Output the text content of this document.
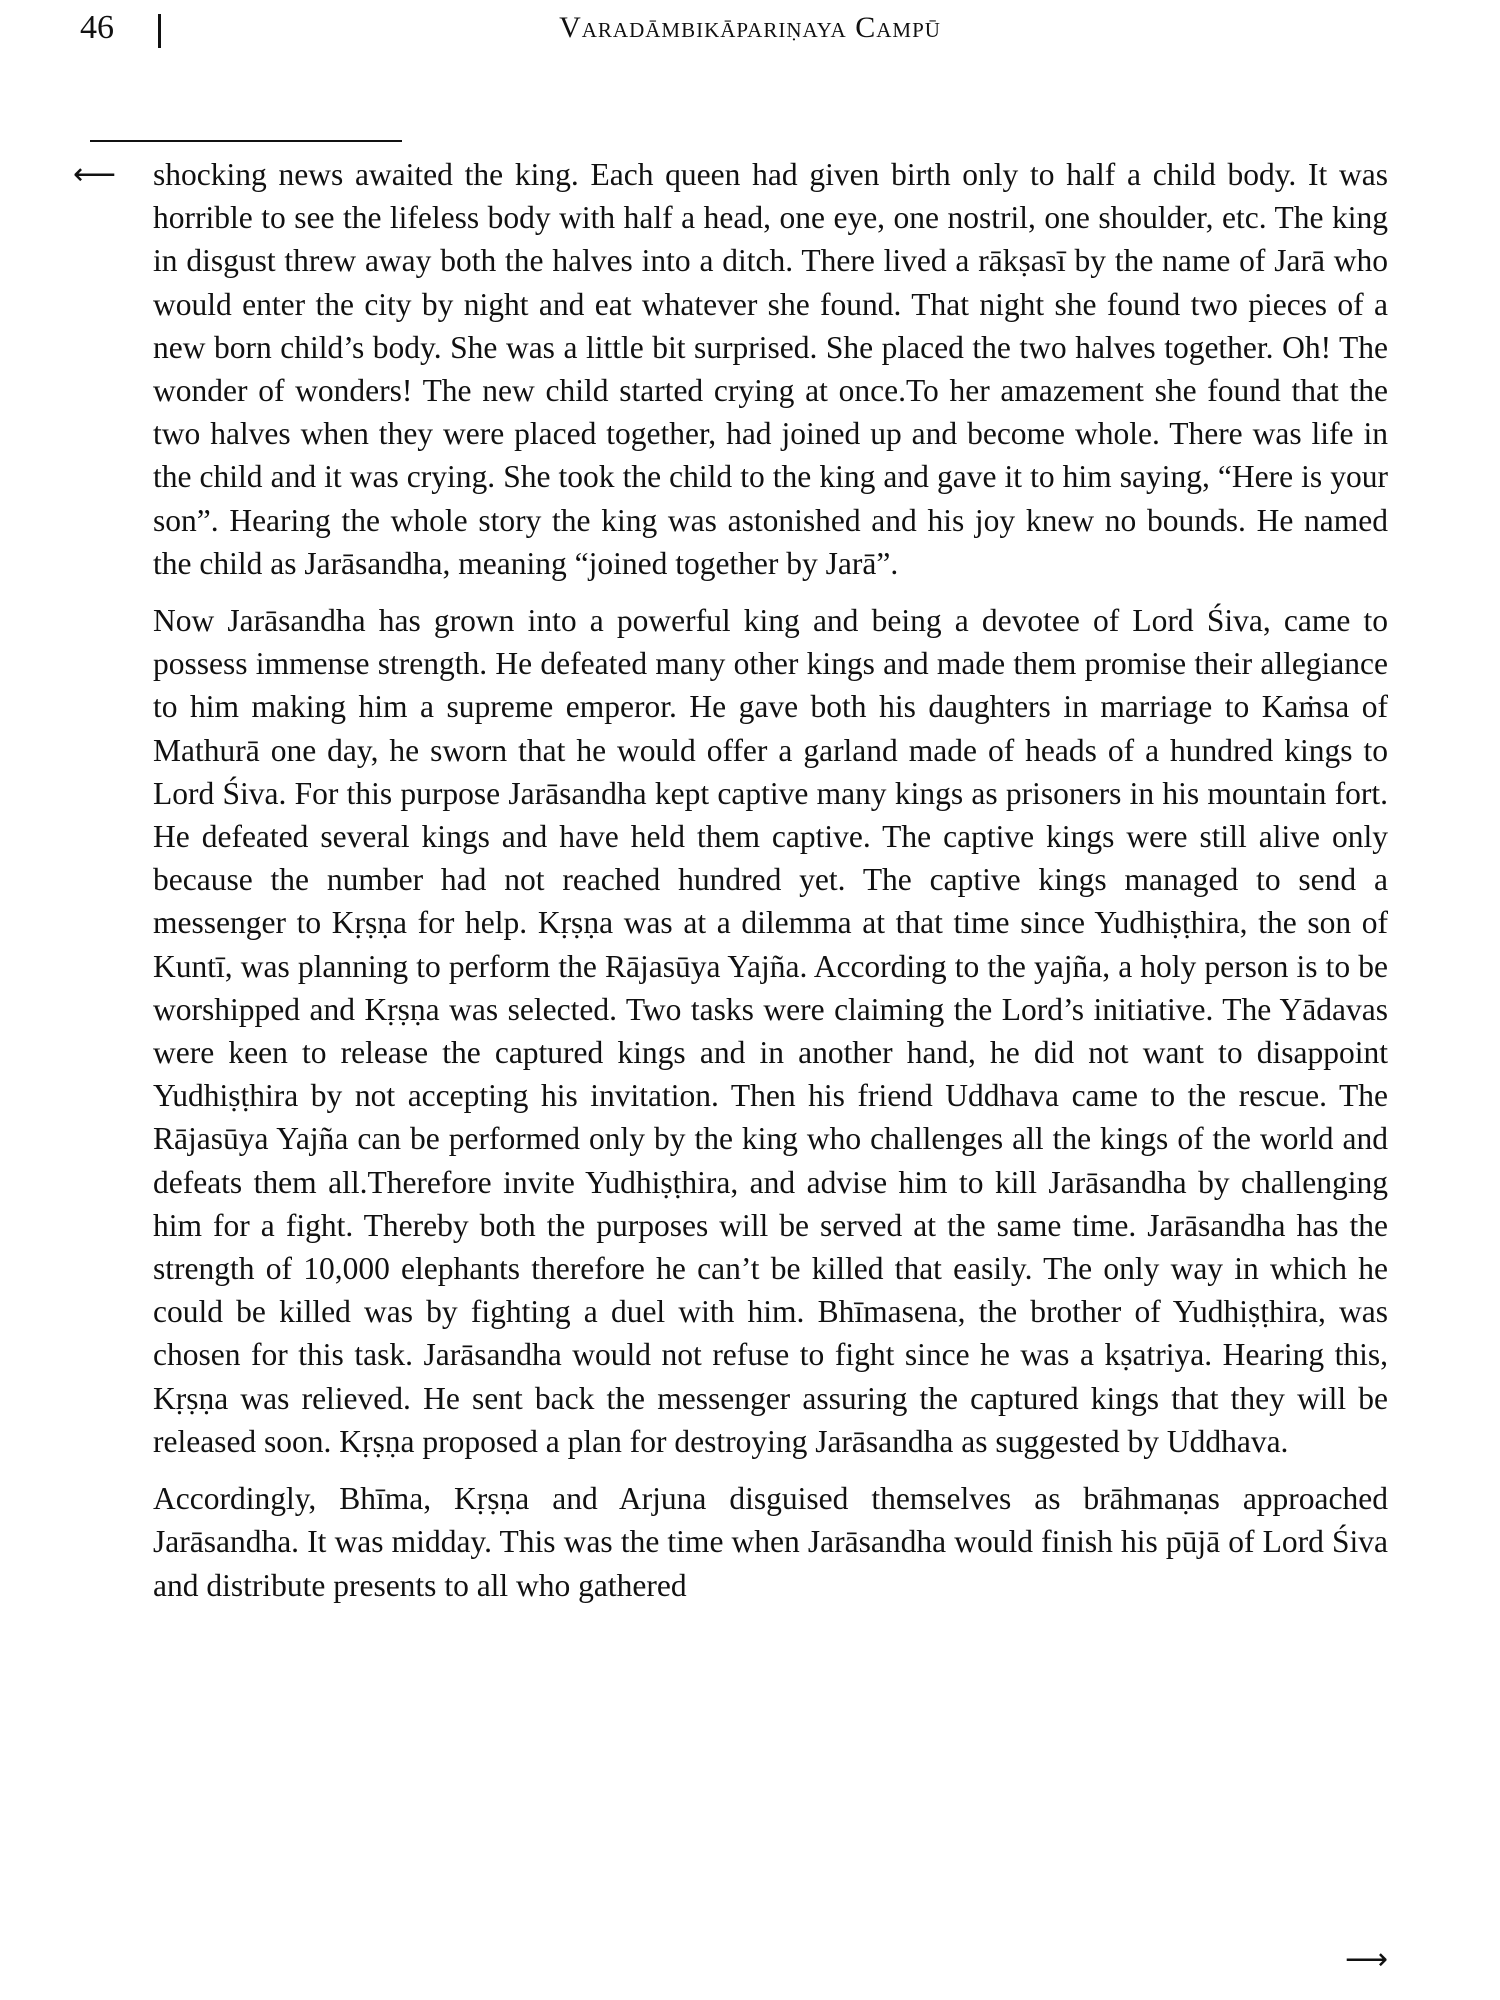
46	Varadāmbikāpariṇaya Campū

⟵ shocking news awaited the king. Each queen had given birth only to half a child body. It was horrible to see the lifeless body with half a head, one eye, one nostril, one shoulder, etc. The king in disgust threw away both the halves into a ditch. There lived a rākṣasī by the name of Jarā who would enter the city by night and eat whatever she found. That night she found two pieces of a new born child’s body. She was a little bit surprised. She placed the two halves together. Oh! The wonder of wonders! The new child started crying at once.To her amazement she found that the two halves when they were placed together, had joined up and become whole. There was life in the child and it was crying. She took the child to the king and gave it to him saying, “Here is your son”. Hearing the whole story the king was astonished and his joy knew no bounds. He named the child as Jarāsandha, meaning “joined together by Jarā”.

Now Jarāsandha has grown into a powerful king and being a devotee of Lord Śiva, came to possess immense strength. He defeated many other kings and made them promise their allegiance to him making him a supreme emperor. He gave both his daughters in marriage to Kaṁsa of Mathurā one day, he sworn that he would offer a garland made of heads of a hundred kings to Lord Śiva. For this purpose Jarāsandha kept captive many kings as prisoners in his mountain fort. He defeated several kings and have held them captive. The captive kings were still alive only because the number had not reached hundred yet. The captive kings managed to send a messenger to Kṛṣṇa for help. Kṛṣṇa was at a dilemma at that time since Yudhiṣṭhira, the son of Kuntī, was planning to perform the Rājasūya Yajña. According to the yajña, a holy person is to be worshipped and Kṛṣṇa was selected. Two tasks were claiming the Lord’s initiative. The Yādavas were keen to release the captured kings and in another hand, he did not want to disappoint Yudhiṣṭhira by not accepting his invitation. Then his friend Uddhava came to the rescue. The Rājasūya Yajña can be performed only by the king who challenges all the kings of the world and defeats them all.Therefore invite Yudhiṣṭhira, and advise him to kill Jarāsandha by challenging him for a fight. Thereby both the purposes will be served at the same time. Jarāsandha has the strength of 10,000 elephants therefore he can’t be killed that easily. The only way in which he could be killed was by fighting a duel with him. Bhīmasena, the brother of Yudhiṣṭhira, was chosen for this task. Jarāsandha would not refuse to fight since he was a kṣatriya. Hearing this, Kṛṣṇa was relieved. He sent back the messenger assuring the captured kings that they will be released soon. Kṛṣṇa proposed a plan for destroying Jarāsandha as suggested by Uddhava.

Accordingly, Bhīma, Kṛṣṇa and Arjuna disguised themselves as brāhmaṇas approached Jarāsandha. It was midday. This was the time when Jarāsandha would finish his pūjā of Lord Śiva and distribute presents to all who gathered

⟶
